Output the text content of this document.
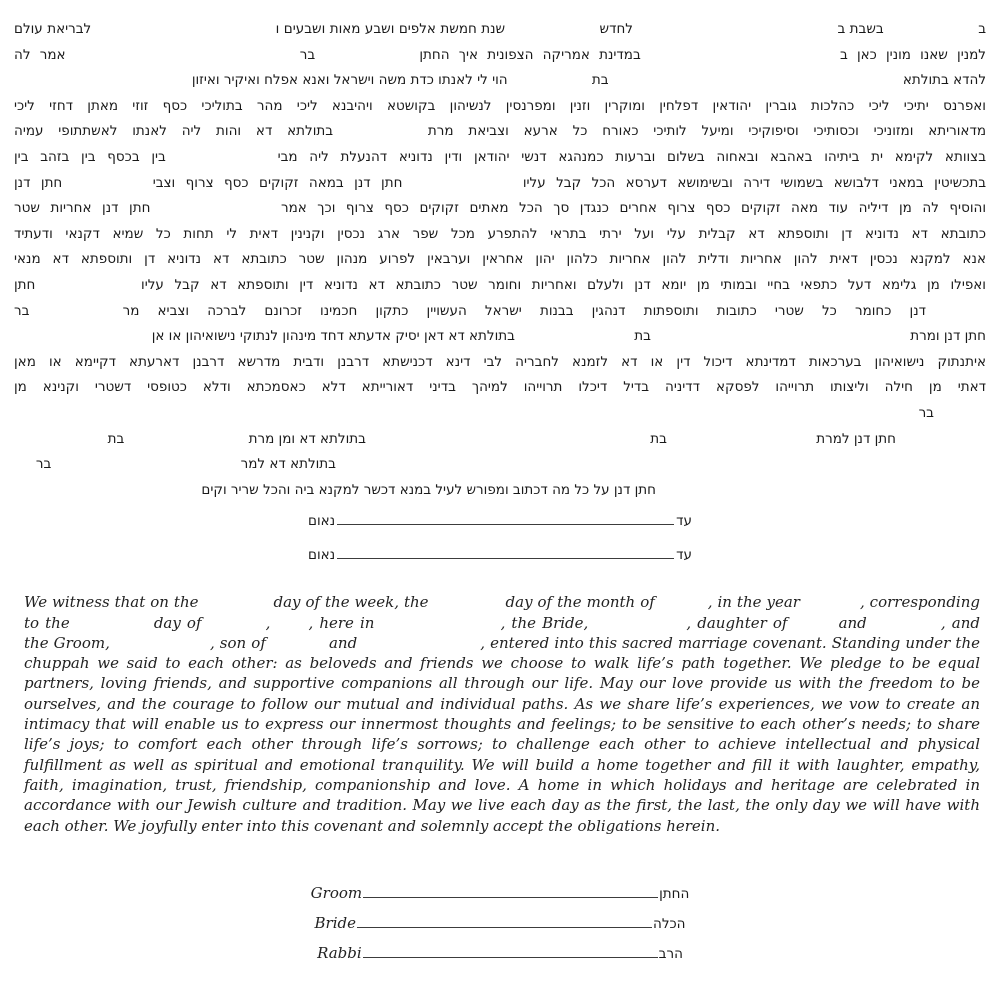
ב בשבת ב לחדש שנת חמשת אלפים ושבע מאות ושבעים ו לבריאת עולם
למנין שאנו מונין כאן ב במדינת אמריקה הצפונית איך החתן בר אמר לה
להדא בתולתא בת הוי לי לאנתו כדת משה וישראל ואנא אפלח ואיקיר ואיזון
ואפרנס יתיכי ליכי כהלכות גוברין יהודאין דפלחין ומוקרין וזנין ומפרנסין לנשיהון בקושטא ויהיבנא ליכי מהר בתוליכי כסף זוזי מאתן דחזי ליכי
מדאוריתא ומזוניכי וכסותיכי וסיפוקיכי ומיעל לותיכי כאורח כל ארעא וצביאת מרת בתולתא דא והות ליה לאנתו לאשתתופי עמיה
בצוותא לקימא ית ביתיהו באהבא ובאחוה בשלום וברעות כמנהגא דנשי יהודאן ודין נדוניא דהנעלת ליה מבי בין בכסף בין בזהב בין
בתכשיטין במאני דלבושא בשמושי דירה ובשימושא דערסא הכל קבל עליו חתן דנן במאה זקוקים כסף צרוף וצבי חתן דנן
והוסיף לה מן דיליה עוד מאה זקוקים כסף צרוף אחרים כנגדן סך הכל מאתים זקוקים כסף צרוף וכך אמר חתן דנן אחריות שטר
כתובתא דא נדוניא דן ותוספתא דא קבלית עלי ועל ירתי בתראי להתפרע מכל שפר ארג נכסין וקנינין דאית לי תחות כל שמיא דקנאי ודעתיד
אנא למקנא נכסין דאית להון אחריות ודלית להון אחריות כלהון יהון אחראין וערבאין לפרוע מנהון שטר כתובתא דא נדוניא דן ותוספתא דא מנאי
ואפילו מן גלימא דעל כתפאי בחיי ובמותי מן יומא דנן ולעלם ואחריות וחומר שטר כתובתא דא נדוניא דין ותוספתא דא קבל עליו חתן
דנן כחומר כל שטרי כתובות ותוספתות דנהגין בבנות ישראל העשויין כתקון חכמינו זכרונם לברכה וצביא מר בר
חתן דנן ומרת בת בתולתא דא דאן יסיק אדעתא דחד מינהון לנתוקי נישואיהון או אן
איתנתוק נישואיהון בערכאות דמדינתא דיכול דין או דא לזמנא לחבריה לבי דינא דכנישתא דרבנן ודבית מדרשא דרבנן דארעתא דקיימא או מאן
דאתי מן חילה וליצותו תרוייהו לפסקא דדיניה בדיל דיכלו תרוייהו למיהך בדיני דאורייתא דלא כאסמכתא ודלא כטופסי דשטרי וקנינא מן
בר
חתן דנן למרת בת בתולתא דא ומן מרת בת
בתולתא דא למר בר
חתן דנן על כל מה דכתוב ומפורש לעיל במנא דכשר למקנא ביה והכל שריר וקים
עדנאום
עדנאום

We witness that on the	day of the week, the	day of the month of	, in the year	, corresponding to the	day of	,	, here in	, the Bride,	, daughter of	and	, and the Groom,	, son of	and	, entered into this sacred marriage covenant. Standing under the chuppah we said to each other: as beloveds and friends we choose to walk life’s path together. We pledge to be equal partners, loving friends, and supportive companions all through our life. May our love provide us with the freedom to be ourselves, and the courage to follow our mutual and individual paths. As we share life’s experiences, we vow to create an intimacy that will enable us to express our innermost thoughts and feelings; to be sensitive to each other’s needs; to share life’s joys; to comfort each other through life’s sorrows; to challenge each other to achieve intellectual and physical fulfillment as well as spiritual and emotional tranquility. We will build a home together and fill it with laughter, empathy, faith, imagination, trust, friendship, companionship and love. A home in which holidays and heritage are celebrated in accordance with our Jewish culture and tradition. May we live each day as the first, the last, the only day we will have with each other. We joyfully enter into this covenant and solemnly accept the obligations herein.

Groom	החתן
Bride	הכלה
Rabbi	הרב
